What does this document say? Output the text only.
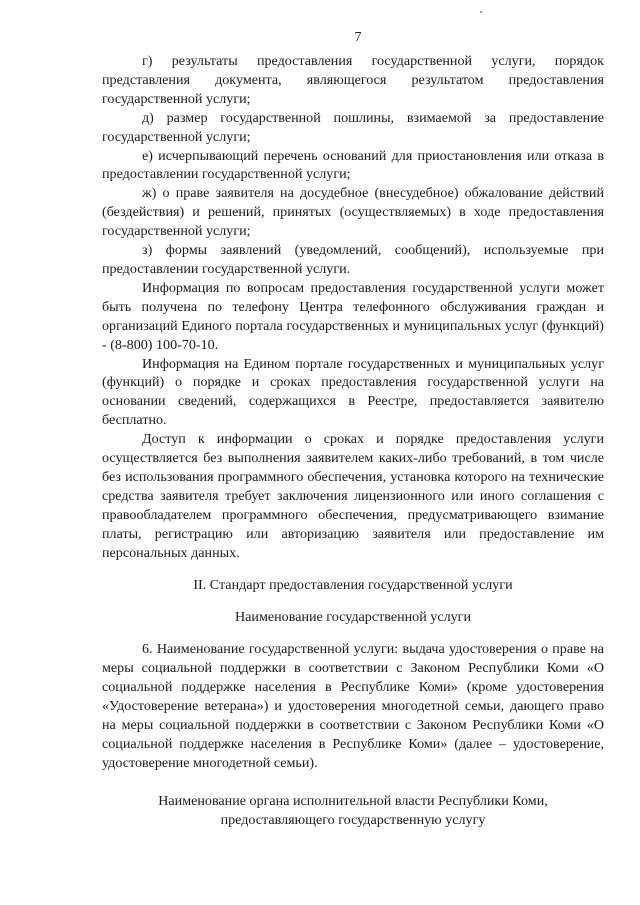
7

г) результаты предоставления государственной услуги, порядок представления документа, являющегося результатом предоставления государственной услуги;

д) размер государственной пошлины, взимаемой за предоставление государственной услуги;

е) исчерпывающий перечень оснований для приостановления или отказа в предоставлении государственной услуги;

ж) о праве заявителя на досудебное (внесудебное) обжалование действий (бездействия) и решений, принятых (осуществляемых) в ходе предоставления государственной услуги;

з) формы заявлений (уведомлений, сообщений), используемые при предоставлении государственной услуги.

Информация по вопросам предоставления государственной услуги может быть получена по телефону Центра телефонного обслуживания граждан и организаций Единого портала государственных и муниципальных услуг (функций) - (8-800) 100-70-10.

Информация на Едином портале государственных и муниципальных услуг (функций) о порядке и сроках предоставления государственной услуги на основании сведений, содержащихся в Реестре, предоставляется заявителю бесплатно.

Доступ к информации о сроках и порядке предоставления услуги осуществляется без выполнения заявителем каких-либо требований, в том числе без использования программного обеспечения, установка которого на технические средства заявителя требует заключения лицензионного или иного соглашения с правообладателем программного обеспечения, предусматривающего взимание платы, регистрацию или авторизацию заявителя или предоставление им персональных данных.

II. Стандарт предоставления государственной услуги
Наименование государственной услуги

6. Наименование государственной услуги: выдача удостоверения о праве на меры социальной поддержки в соответствии с Законом Республики Коми «О социальной поддержке населения в Республике Коми» (кроме удостоверения «Удостоверение ветерана») и удостоверения многодетной семьи, дающего право на меры социальной поддержки в соответствии с Законом Республики Коми «О социальной поддержке населения в Республике Коми» (далее – удостоверение, удостоверение многодетной семьи).

Наименование органа исполнительной власти Республики Коми,
предоставляющего государственную услугу
